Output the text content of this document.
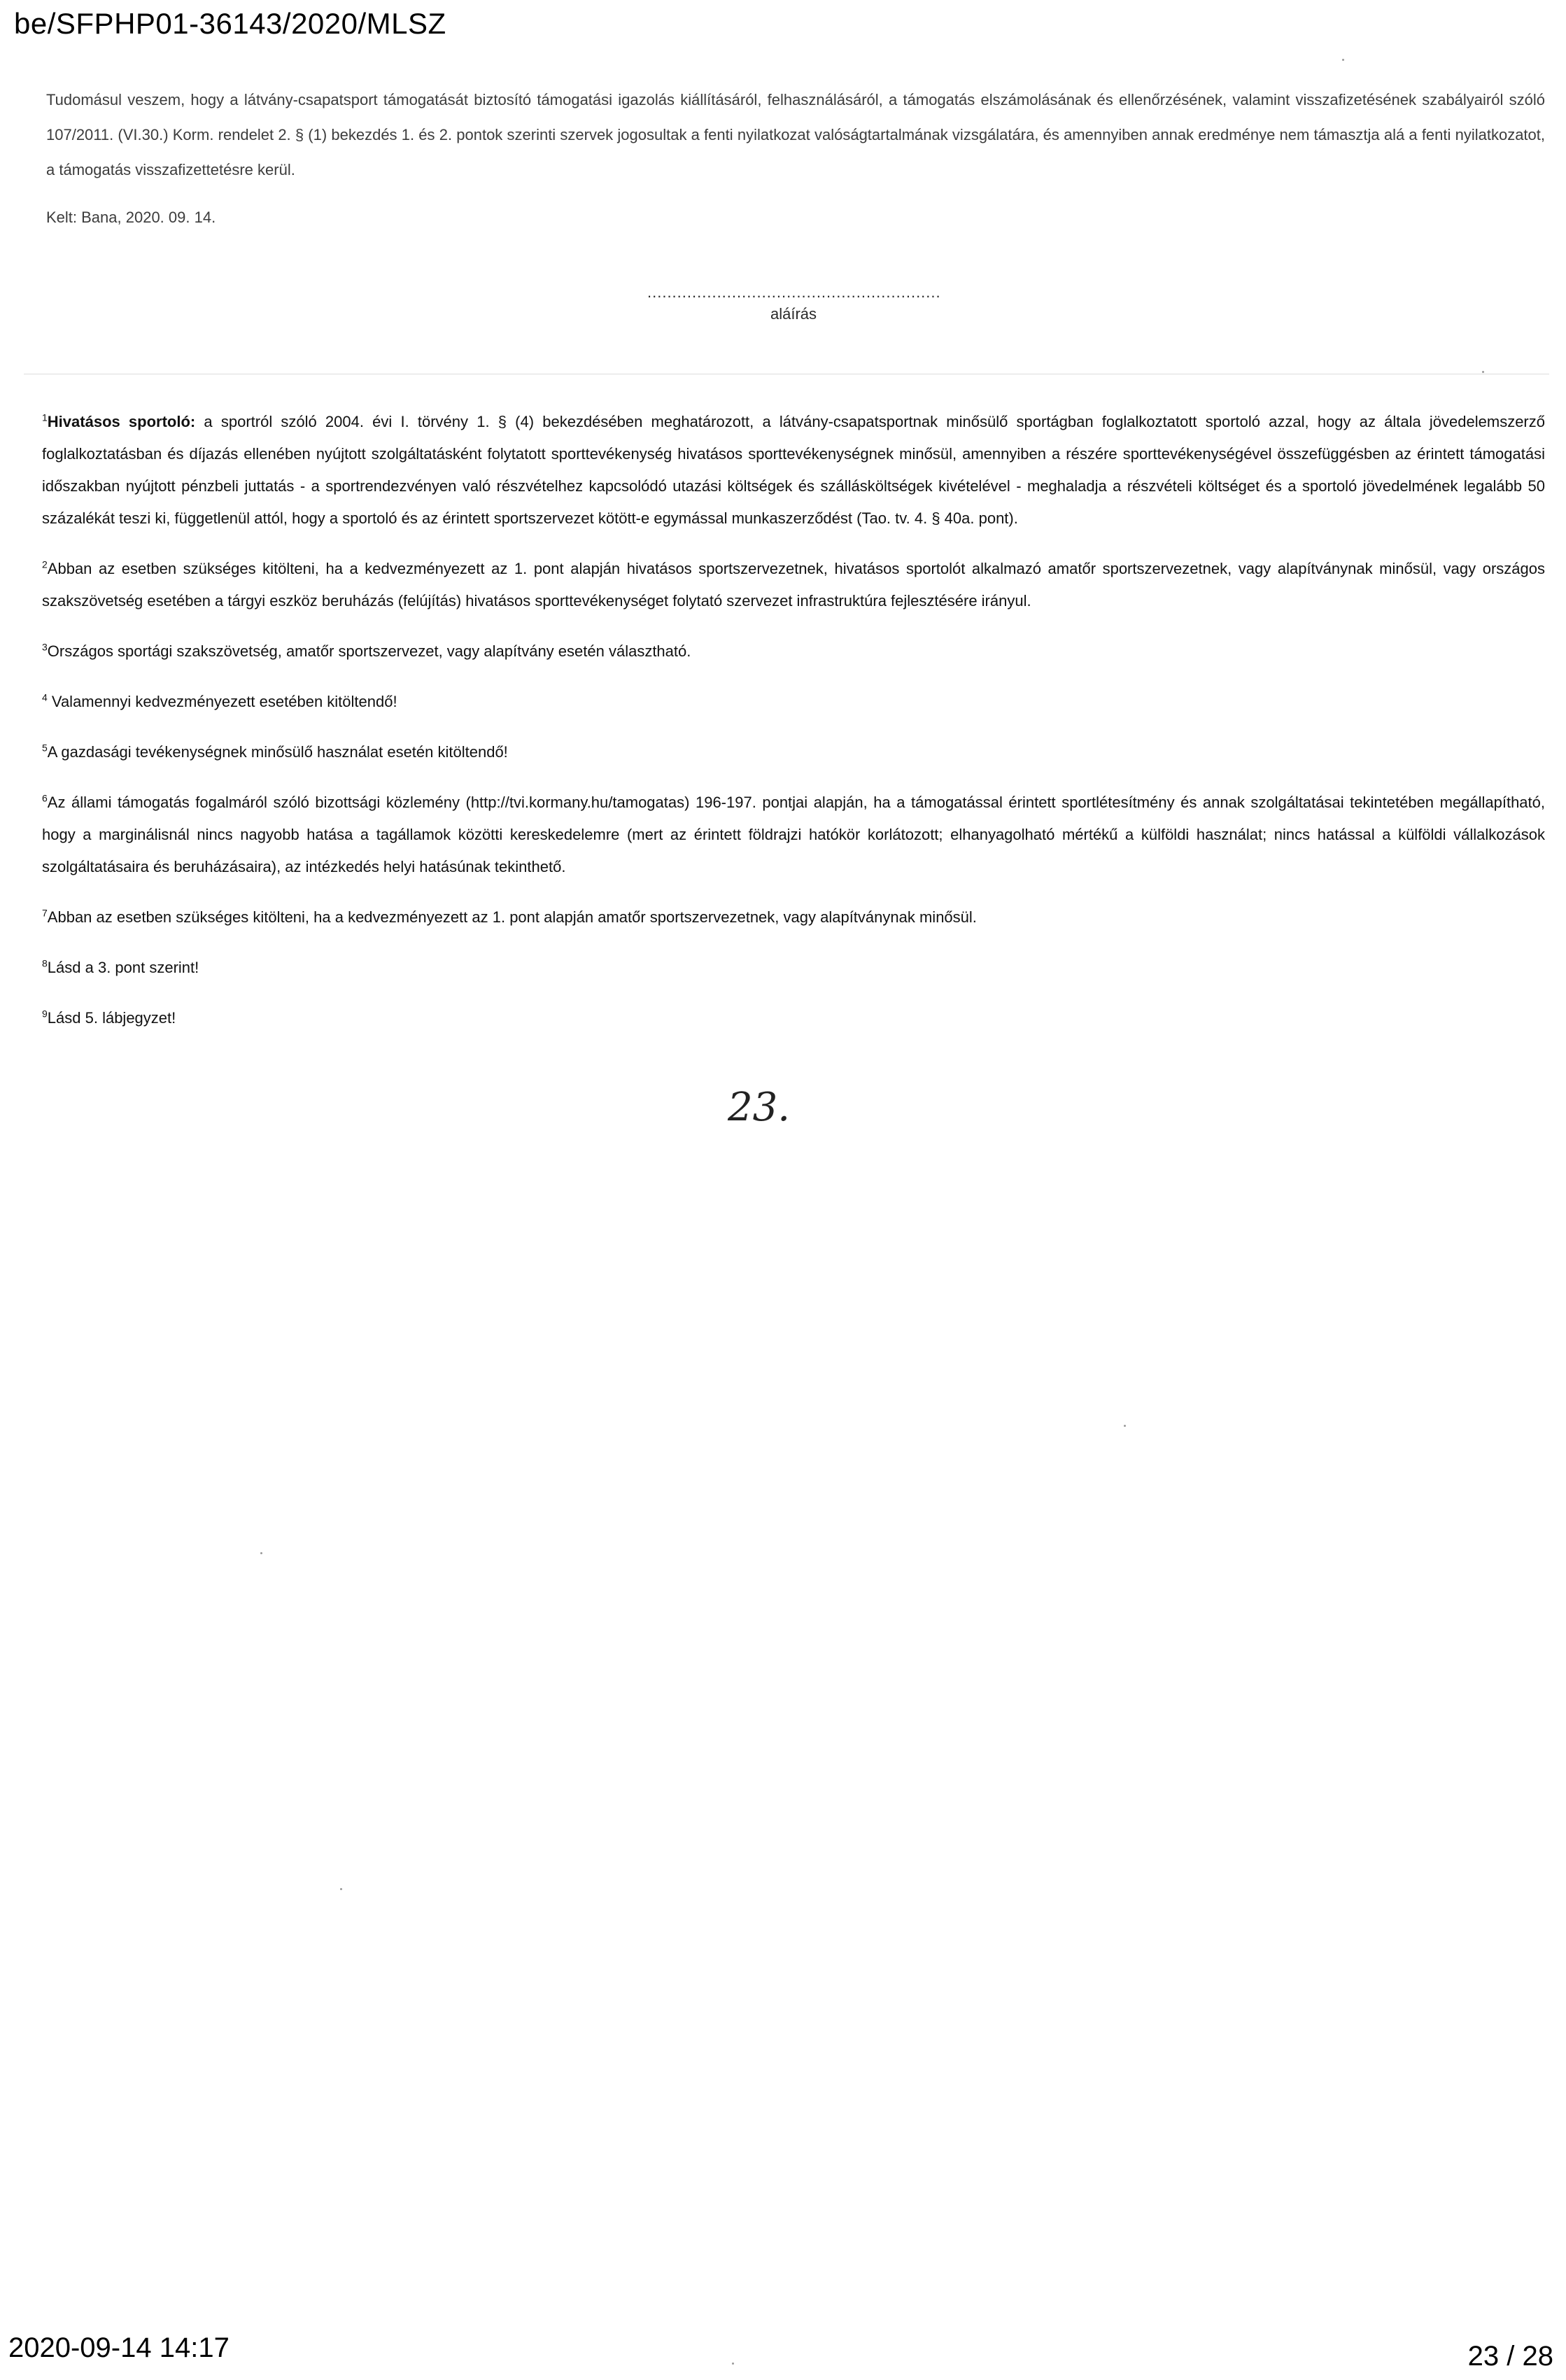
be/SFPHP01-36143/2020/MLSZ
Tudomásul veszem, hogy a látvány-csapatsport támogatását biztosító támogatási igazolás kiállításáról, felhasználásáról, a támogatás elszámolásának és ellenőrzésének, valamint visszafizetésének szabályairól szóló 107/2011. (VI.30.) Korm. rendelet 2. § (1) bekezdés 1. és 2. pontok szerinti szervek jogosultak a fenti nyilatkozat valóságtartalmának vizsgálatára, és amennyiben annak eredménye nem támasztja alá a fenti nyilatkozatot, a támogatás visszafizettetésre kerül.
Kelt: Bana, 2020. 09. 14.
...........................................................
aláírás

$^1$Hivatásos sportoló: a sportról szóló 2004. évi I. törvény 1. § (4) bekezdésében meghatározott, a látvány-csapatsportnak minősülő sportágban foglalkoztatott sportoló azzal, hogy az általa jövedelemszerző foglalkoztatásban és díjazás ellenében nyújtott szolgáltatásként folytatott sporttevékenység hivatásos sporttevékenységnek minősül, amennyiben a részére sporttevékenységével összefüggésben az érintett támogatási időszakban nyújtott pénzbeli juttatás - a sportrendezvényen való részvételhez kapcsolódó utazási költségek és szállásköltségek kivételével - meghaladja a részvételi költséget és a sportoló jövedelmének legalább 50 százalékát teszi ki, függetlenül attól, hogy a sportoló és az érintett sportszervezet kötött-e egymással munkaszerződést (Tao. tv. 4. § 40a. pont).

$^2$Abban az esetben szükséges kitölteni, ha a kedvezményezett az 1. pont alapján hivatásos sportszervezetnek, hivatásos sportolót alkalmazó amatőr sportszervezetnek, vagy alapítványnak minősül, vagy országos szakszövetség esetében a tárgyi eszköz beruházás (felújítás) hivatásos sporttevékenységet folytató szervezet infrastruktúra fejlesztésére irányul.

$^3$Országos sportági szakszövetség, amatőr sportszervezet, vagy alapítvány esetén választható.

$^4$ Valamennyi kedvezményezett esetében kitöltendő!

$^5$A gazdasági tevékenységnek minősülő használat esetén kitöltendő!

$^6$Az állami támogatás fogalmáról szóló bizottsági közlemény (http://tvi.kormany.hu/tamogatas) 196-197. pontjai alapján, ha a támogatással érintett sportlétesítmény és annak szolgáltatásai tekintetében megállapítható, hogy a marginálisnál nincs nagyobb hatása a tagállamok közötti kereskedelemre (mert az érintett földrajzi hatókör korlátozott; elhanyagolható mértékű a külföldi használat; nincs hatással a külföldi vállalkozások szolgáltatásaira és beruházásaira), az intézkedés helyi hatásúnak tekinthető.

$^7$Abban az esetben szükséges kitölteni, ha a kedvezményezett az 1. pont alapján amatőr sportszervezetnek, vagy alapítványnak minősül.

$^8$Lásd a 3. pont szerint!

$^9$Lásd 5. lábjegyzet!

23.
2020-09-14 14:17	23 / 28
